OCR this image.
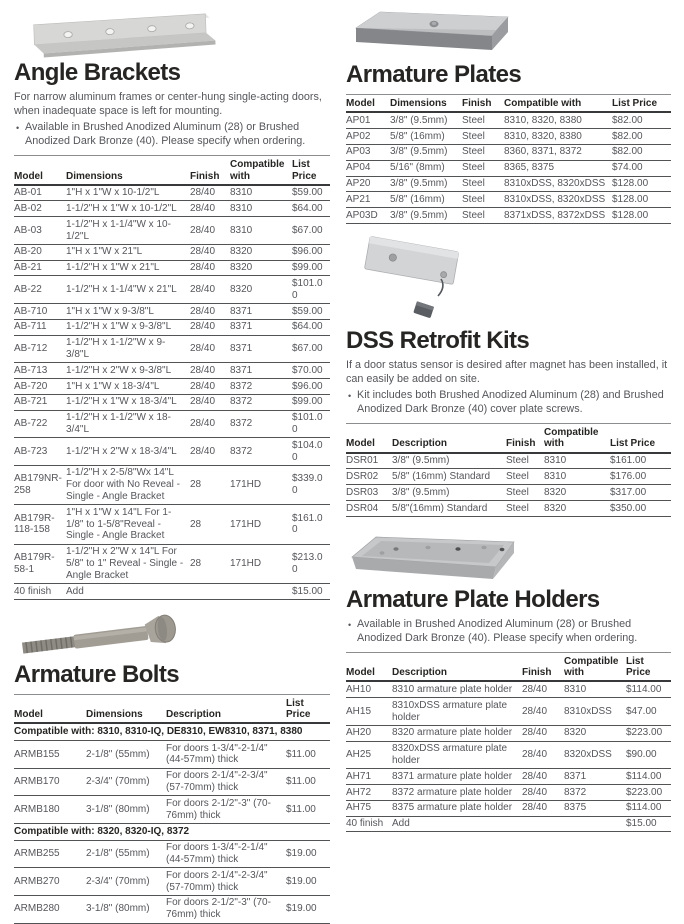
Angle Brackets

For narrow aluminum frames or center-hung single-acting doors, when inadequate space is left for mounting.

•
Available in Brushed Anodized Aluminum (28) or Brushed Anodized Dark Bronze (40). Please specify when ordering.
Model	Dimensions	Finish	Compatible with	List Price
AB-01	1"H x 1"W x 10-1/2"L	28/40	8310	$59.00
AB-02	1-1/2"H x 1"W x 10-1/2"L	28/40	8310	$64.00
AB-03	1-1/2"H x 1-1/4"W x 10-1/2"L	28/40	8310	$67.00
AB-20	1"H x 1"W x 21"L	28/40	8320	$96.00
AB-21	1-1/2"H x 1"W x 21"L	28/40	8320	$99.00
AB-22	1-1/2"H x 1-1/4"W x 21"L	28/40	8320	$101.00
AB-710	1"H x 1"W x 9-3/8"L	28/40	8371	$59.00
AB-711	1-1/2"H x 1"W x 9-3/8"L	28/40	8371	$64.00
AB-712	1-1/2"H x 1-1/2"W x 9-3/8"L	28/40	8371	$67.00
AB-713	1-1/2"H x 2"W x 9-3/8"L	28/40	8371	$70.00
AB-720	1"H x 1"W x 18-3/4"L	28/40	8372	$96.00
AB-721	1-1/2"H x 1"W x 18-3/4"L	28/40	8372	$99.00
AB-722	1-1/2"H x 1-1/2"W x 18-3/4"L	28/40	8372	$101.00
AB-723	1-1/2"H x 2"W x 18-3/4"L	28/40	8372	$104.00
AB179NR-258	1-1/2"H x 2-5/8"Wx 14"L For door with No Reveal - Single - Angle Bracket	28	171HD	$339.00
AB179R-118-158	1"H x 1"W x 14"L For 1-1/8" to 1-5/8"Reveal - Single - Angle Bracket	28	171HD	$161.00
AB179R-58-1	1-1/2"H x 2"W x 14"L For 5/8" to 1" Reveal - Single - Angle Bracket	28	171HD	$213.00
40 finish	Add			$15.00
Armature Bolts
Model	Dimensions	Description	List Price
Compatible with: 8310, 8310-IQ, DE8310, EW8310, 8371, 8380			
ARMB155	2-1/8" (55mm)	For doors 1-3/4"-2-1/4" (44-57mm) thick	$11.00
ARMB170	2-3/4" (70mm)	For doors 2-1/4"-2-3/4" (57-70mm) thick	$11.00
ARMB180	3-1/8" (80mm)	For doors 2-1/2"-3" (70-76mm) thick	$11.00
Compatible with: 8320, 8320-IQ, 8372			
ARMB255	2-1/8" (55mm)	For doors 1-3/4"-2-1/4" (44-57mm) thick	$19.00
ARMB270	2-3/4" (70mm)	For doors 2-1/4"-2-3/4" (57-70mm) thick	$19.00
ARMB280	3-1/8" (80mm)	For doors 2-1/2"-3" (70-76mm) thick	$19.00
Armature Plates
Model	Dimensions	Finish	Compatible with	List Price
AP01	3/8" (9.5mm)	Steel	8310, 8320, 8380	$82.00
AP02	5/8" (16mm)	Steel	8310, 8320, 8380	$82.00
AP03	3/8" (9.5mm)	Steel	8360, 8371, 8372	$82.00
AP04	5/16" (8mm)	Steel	8365, 8375	$74.00
AP20	3/8" (9.5mm)	Steel	8310xDSS, 8320xDSS	$128.00
AP21	5/8" (16mm)	Steel	8310xDSS, 8320xDSS	$128.00
AP03D	3/8" (9.5mm)	Steel	8371xDSS, 8372xDSS	$128.00
DSS Retrofit Kits

If a door status sensor is desired after magnet has been installed, it can easily be added on site.

•
Kit includes both Brushed Anodized Aluminum (28) and Brushed Anodized Dark Bronze (40) cover plate screws.
Model	Description	Finish	Compatible with	List Price
DSR01	3/8" (9.5mm)	Steel	8310	$161.00
DSR02	5/8" (16mm) Standard	Steel	8310	$176.00
DSR03	3/8" (9.5mm)	Steel	8320	$317.00
DSR04	5/8"(16mm) Standard	Steel	8320	$350.00
Armature Plate Holders
•
Available in Brushed Anodized Aluminum (28) or Brushed Anodized Dark Bronze (40). Please specify when ordering.
Model	Description	Finish	Compatible with	List Price
AH10	8310 armature plate holder	28/40	8310	$114.00
AH15	8310xDSS armature plate holder	28/40	8310xDSS	$47.00
AH20	8320 armature plate holder	28/40	8320	$223.00
AH25	8320xDSS armature plate holder	28/40	8320xDSS	$90.00
AH71	8371 armature plate holder	28/40	8371	$114.00
AH72	8372 armature plate holder	28/40	8372	$223.00
AH75	8375 armature plate holder	28/40	8375	$114.00
40 finish	Add			$15.00
